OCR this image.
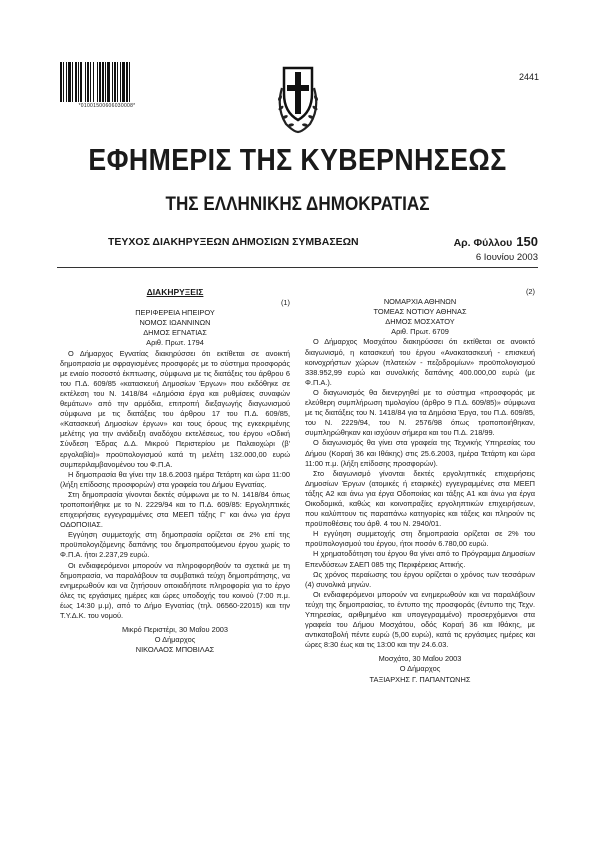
*01001500606030008*
2441
ΕΦΗΜΕΡΙΣ ΤΗΣ ΚΥΒΕΡΝΗΣΕΩΣ
ΤΗΣ ΕΛΛΗΝΙΚΗΣ ΔΗΜΟΚΡΑΤΙΑΣ
ΤΕΥΧΟΣ ΔΙΑΚΗΡΥΞΕΩΝ ΔΗΜΟΣΙΩΝ ΣΥΜΒΑΣΕΩΝ	Αρ. Φύλλου 150
6 Ιουνίου 2003

ΔΙΑΚΗΡΥΞΕΙΣ

(1)

ΠΕΡΙΦΕΡΕΙΑ ΗΠΕΙΡΟΥ

ΝΟΜΟΣ ΙΩΑΝΝΙΝΩΝ

ΔΗΜΟΣ ΕΓΝΑΤΙΑΣ

Αριθ. Πρωτ. 1794

Ο Δήμαρχος Εγνατίας διακηρύσσει ότι εκτίθεται σε ανοικτή δημοπρασία με σφραγισμένες προσφορές με το σύστημα προσφοράς με ενιαίο ποσοστό έκπτωσης, σύμφωνα με τις διατάξεις του άρθρου 6 του Π.Δ. 609/85 «κατασκευή Δημοσίων Έργων» που εκδόθηκε σε εκτέλεση του Ν. 1418/84 «Δημόσια έργα και ρυθμίσεις συναφών θεμάτων» από την αρμόδια, επιτροπή διεξαγωγής διαγωνισμού σύμφωνα με τις διατάξεις του άρθρου 17 του Π.Δ. 609/85, «Κατασκευή Δημοσίων έργων» και τους όρους της εγκεκριμένης μελέτης για την ανάδειξη αναδόχου εκτελέσεως, του έργου «Οδική Σύνδεση Έδρας Δ.Δ. Μικρού Περιστερίου με Παλαιοχώρι (β' εργολαβία)» προϋπολογισμού κατά τη μελέτη 132.000,00 ευρώ συμπεριλαμβανομένου του Φ.Π.Α.

Η δημοπρασία θα γίνει την 18.6.2003 ημέρα Τετάρτη και ώρα 11:00 (λήξη επίδοσης προσφορών) στα γραφεία του Δήμου Εγνατίας.

Στη δημοπρασία γίνονται δεκτές σύμφωνα με το Ν. 1418/84 όπως τροποποιήθηκε με το Ν. 2229/94 και το Π.Δ. 609/85: Εργοληπτικές επιχειρήσεις εγγεγραμμένες στα ΜΕΕΠ τάξης Γ' και άνω για έργα ΟΔΟΠΟΙΙΑΣ.

Εγγύηση συμμετοχής στη δημοπρασία ορίζεται σε 2% επί της προϋπολογιζόμενης δαπάνης του δημοπρατούμενου έργου χωρίς το Φ.Π.Α. ήτοι 2.237,29 ευρώ.

Οι ενδιαφερόμενοι μπορούν να πληροφορηθούν τα σχετικά με τη δημοπρασία, να παραλάβουν τα συμβατικά τεύχη δημοπράτησης, να ενημερωθούν και να ζητήσουν οποιαδήποτε πληροφορία για το έργο όλες τις εργάσιμες ημέρες και ώρες υποδοχής του κοινού (7:00 π.μ. έως 14:30 μ.μ), από το Δήμο Εγνατίας (τηλ. 06560-22015) και την Τ.Υ.Δ.Κ. του νομού.

Μικρό Περιστέρι, 30 Μαΐου 2003

Ο Δήμαρχος

ΝΙΚΟΛΑΟΣ ΜΠΟΒΙΛΑΣ

(2)

ΝΟΜΑΡΧΙΑ ΑΘΗΝΩΝ

ΤΟΜΕΑΣ ΝΟΤΙΟΥ ΑΘΗΝΑΣ

ΔΗΜΟΣ ΜΟΣΧΑΤΟΥ

Αριθ. Πρωτ. 6709

Ο Δήμαρχος Μοσχάτου διακηρύσσει ότι εκτίθεται σε ανοικτό διαγωνισμό, η κατασκευή του έργου «Ανακατασκευή - επισκευή κοινοχρήστων χώρων (πλατειών - πεζοδρομίων» προϋπολογισμού 338.952,99 ευρώ και συνολικής δαπάνης 400.000,00 ευρώ (με Φ.Π.Α.).

Ο διαγωνισμός θα διενεργηθεί με το σύστημα «προσφοράς με ελεύθερη συμπλήρωση τιμολογίου (άρθρο 9 Π.Δ. 609/85)» σύμφωνα με τις διατάξεις του Ν. 1418/84 για τα Δημόσια Έργα, του Π.Δ. 609/85, του Ν. 2229/94, του Ν. 2576/98 όπως τροποποιήθηκαν, συμπληρώθηκαν και ισχύουν σήμερα και του Π.Δ. 218/99.

Ο διαγωνισμός θα γίνει στα γραφεία της Τεχνικής Υπηρεσίας του Δήμου (Κοραή 36 και Ιθάκης) στις 25.6.2003, ημέρα Τετάρτη και ώρα 11:00 π.μ. (λήξη επίδοσης προσφορών).

Στο διαγωνισμό γίνονται δεκτές εργοληπτικές επιχειρήσεις Δημοσίων Έργων (ατομικές ή εταιρικές) εγγεγραμμένες στα ΜΕΕΠ τάξης Α2 και άνω για έργα Οδοποιίας και τάξης Α1 και άνω για έργα Οικοδομικά, καθώς και κοινοπραξίες εργοληπτικών επιχειρήσεων, που καλύπτουν τις παραπάνω κατηγορίες και τάξεις και πληρούν τις προϋποθέσεις του άρθ. 4 του Ν. 2940/01.

Η εγγύηση συμμετοχής στη δημοπρασία ορίζεται σε 2% του προϋπολογισμού του έργου, ήτοι ποσόν 6.780,00 ευρώ.

Η χρηματοδότηση του έργου θα γίνει από το Πρόγραμμα Δημοσίων Επενδύσεων ΣΑΕΠ 085 της Περιφέρειας Αττικής.

Ως χρόνος περαίωσης του έργου ορίζεται ο χρόνος των τεσσάρων (4) συνολικά μηνών.

Οι ενδιαφερόμενοι μπορούν να ενημερωθούν και να παραλάβουν τεύχη της δημοπρασίας, το έντυπο της προσφοράς (έντυπο της Τεχν. Υπηρεσίας, αριθμημένο και υπογεγραμμένο) προσερχόμενοι στα γραφεία του Δήμου Μοσχάτου, οδός Κοραή 36 και Ιθάκης, με αντικαταβολή πέντε ευρώ (5,00 ευρώ), κατά τις εργάσιμες ημέρες και ώρες 8:30 έως και τις 13:00 και την 24.6.03.

Μοσχάτο, 30 Μαΐου 2003

Ο Δήμαρχος

ΤΑΞΙΑΡΧΗΣ Γ. ΠΑΠΑΝΤΩΝΗΣ
